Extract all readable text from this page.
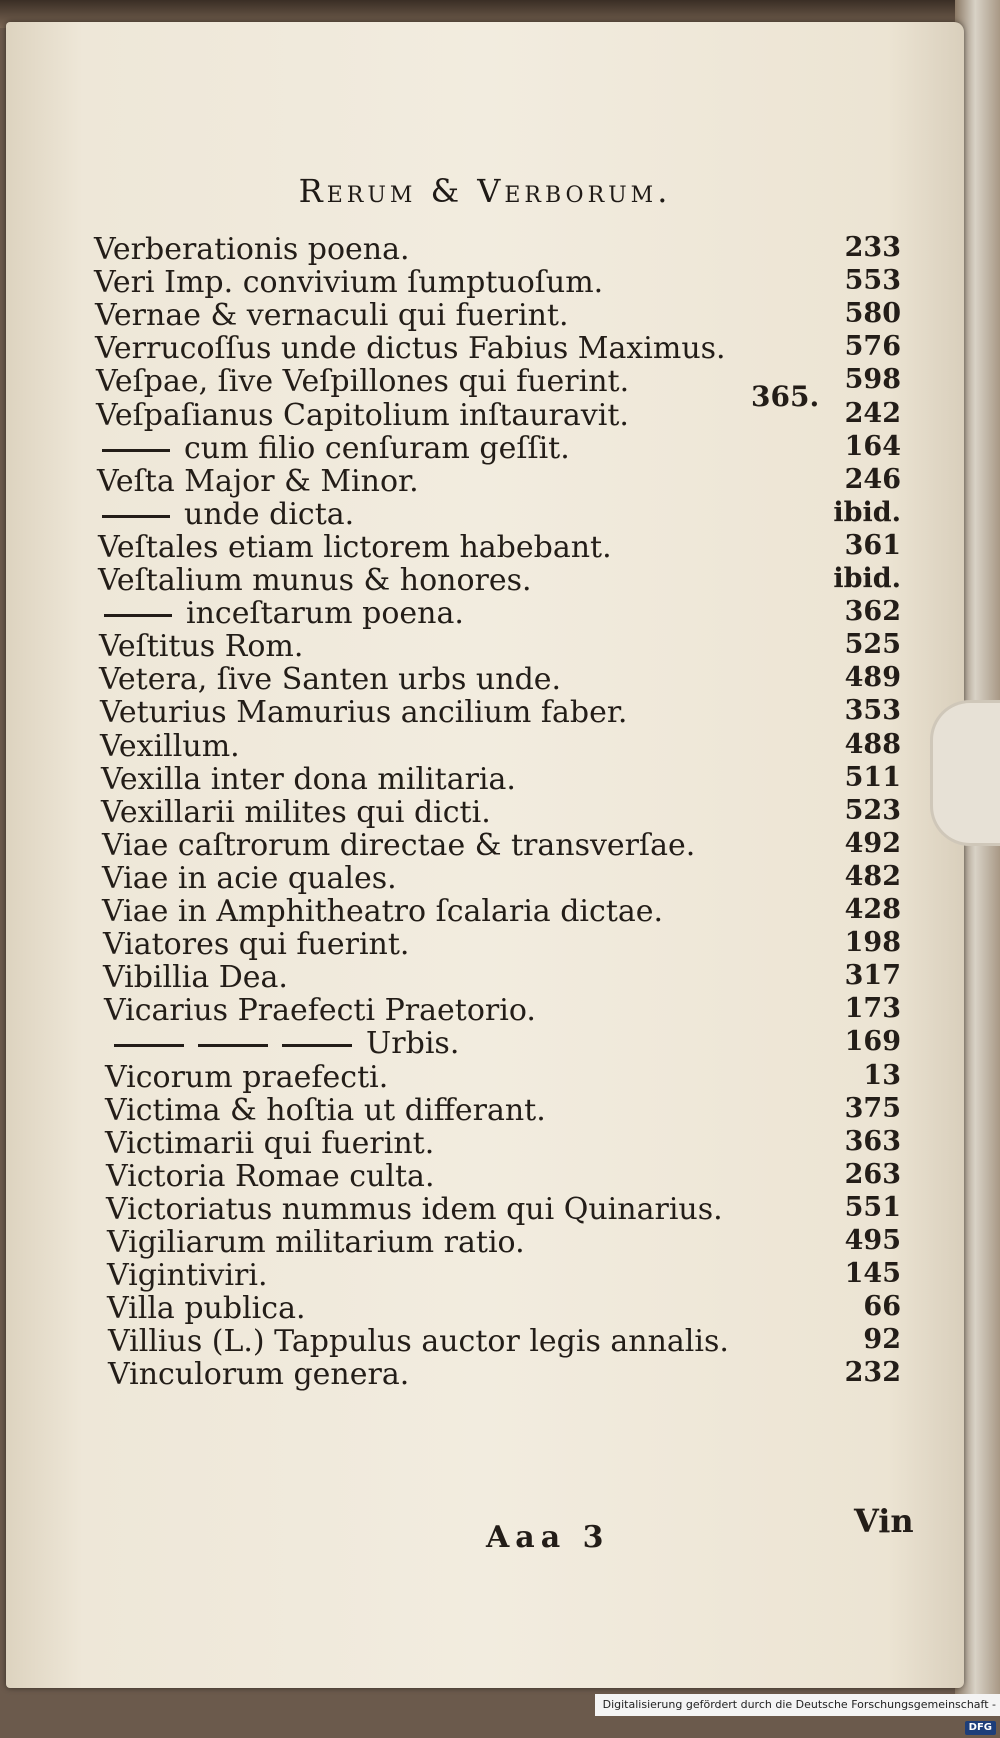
Rerum & Verborum.
Verberationis poena.	233
Veri Imp. convivium ſumptuoſum.	553
Vernae & vernaculi qui fuerint.	580
Verrucoſſus unde dictus Fabius Maximus.	576
Veſpae, ſive Veſpillones qui fuerint.	598
Veſpaſianus Capitolium inſtauravit.	242
cum filio cenſuram geſſit.	164
Veſta Major & Minor.	246
unde dicta.	ibid.
Veſtales etiam lictorem habebant.	361
Veſtalium munus & honores.	ibid.
inceſtarum poena.	362
Veſtitus Rom.	525
Vetera, ſive Santen urbs unde.	489
Veturius Mamurius ancilium faber.	353
Vexillum.	488
Vexilla inter dona militaria.	511
Vexillarii milites qui dicti.	523
Viae caſtrorum directae & transverſae.	492
Viae in acie quales.	482
Viae in Amphitheatro ſcalaria dictae.	428
Viatores qui fuerint.	198
Vibillia Dea.	317
Vicarius Praefecti Praetorio.	173
Urbis.	169
Vicorum praefecti.	13
Victima & hoſtia ut differant.	375
Victimarii qui fuerint.	363
Victoria Romae culta.	263
Victoriatus nummus idem qui Quinarius.	551
Vigiliarum militarium ratio.	495
Vigintiviri.	145
Villa publica.	66
Villius (L.) Tappulus auctor legis annalis.	92
Vinculorum genera.	232
365.
Aaa 3	Vin
Digitalisierung gefördert durch die Deutsche Forschungsgemeinschaft -DFG
